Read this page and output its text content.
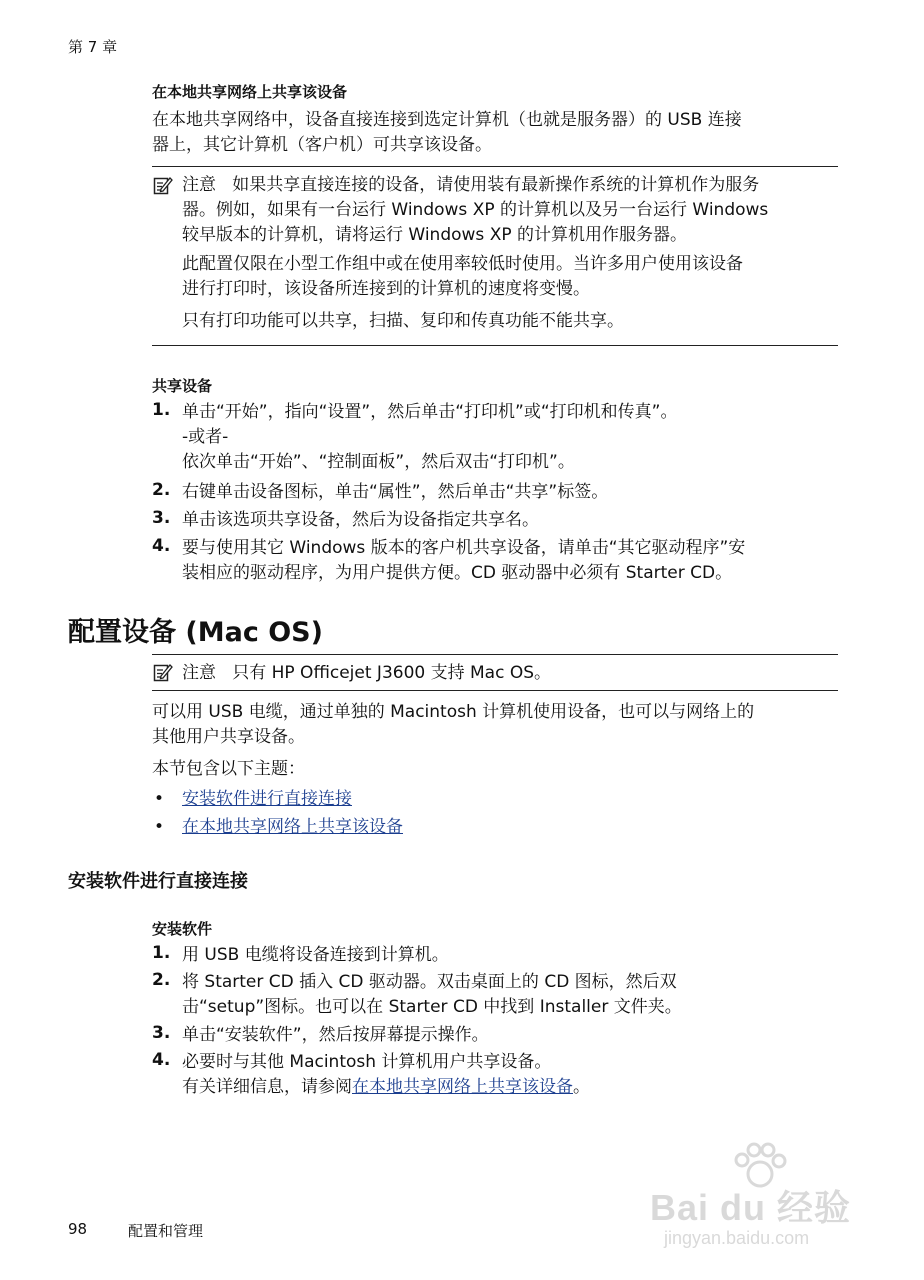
第 7 章
在本地共享网络上共享该设备
在本地共享网络中，设备直接连接到选定计算机（也就是服务器）的 USB 连接
器上，其它计算机（客户机）可共享该设备。
注意 如果共享直接连接的设备，请使用装有最新操作系统的计算机作为服务
器。例如，如果有一台运行 Windows XP 的计算机以及另一台运行 Windows
较早版本的计算机，请将运行 Windows XP 的计算机用作服务器。
此配置仅限在小型工作组中或在使用率较低时使用。当许多用户使用该设备
进行打印时，该设备所连接到的计算机的速度将变慢。
只有打印功能可以共享，扫描、复印和传真功能不能共享。
共享设备
1. 单击“开始”，指向“设置”，然后单击“打印机”或“打印机和传真”。
-或者-
依次单击“开始”、“控制面板”，然后双击“打印机”。
2. 右键单击设备图标，单击“属性”，然后单击“共享”标签。
3. 单击该选项共享设备，然后为设备指定共享名。
4. 要与使用其它 Windows 版本的客户机共享设备，请单击“其它驱动程序”安
装相应的驱动程序，为用户提供方便。CD 驱动器中必须有 Starter CD。
配置设备 (Mac OS)
注意 只有 HP Officejet J3600 支持 Mac OS。
可以用 USB 电缆，通过单独的 Macintosh 计算机使用设备，也可以与网络上的
其他用户共享设备。
本节包含以下主题：
• 安装软件进行直接连接
• 在本地共享网络上共享该设备
安装软件进行直接连接
安装软件
1. 用 USB 电缆将设备连接到计算机。
2. 将 Starter CD 插入 CD 驱动器。双击桌面上的 CD 图标，然后双
击“setup”图标。也可以在 Starter CD 中找到 Installer 文件夹。
3. 单击“安装软件”，然后按屏幕提示操作。
4. 必要时与其他 Macintosh 计算机用户共享设备。
有关详细信息，请参阅在本地共享网络上共享该设备。
98	配置和管理
Bai du 经验
jingyan.baidu.com
